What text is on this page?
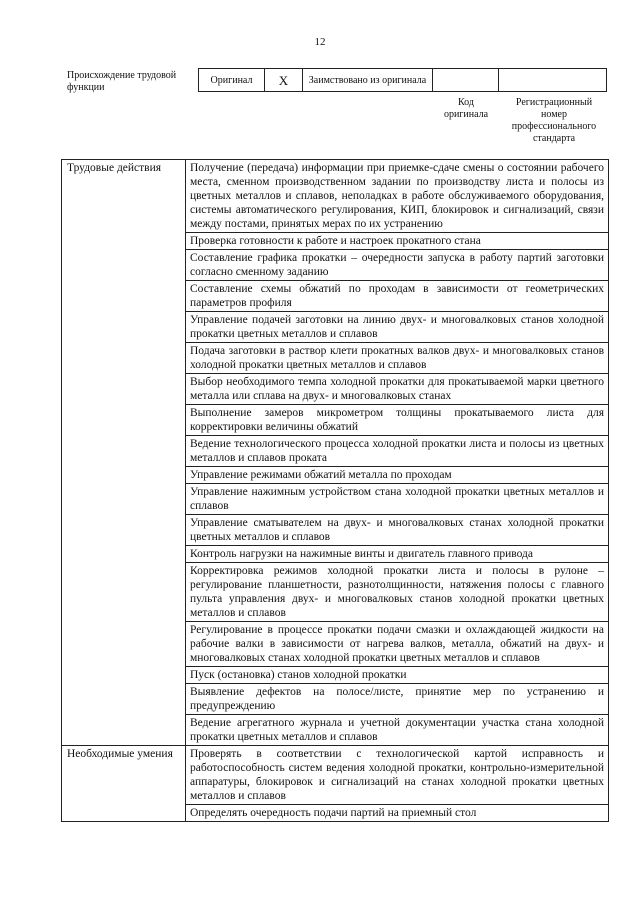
12
Происхождение трудовой функции
Оригинал	X	Заимствовано из оригинала		
Код оригинала
Регистрационный номер профессионального стандарта
Трудовые действия	Получение (передача) информации при приемке-сдаче смены о состоянии рабочего места, сменном производственном задании по производству листа и полосы из цветных металлов и сплавов, неполадках в работе обслуживаемого оборудования, системы автоматического регулирования, КИП, блокировок и сигнализаций, связи между постами, принятых мерах по их устранению
	Проверка готовности к работе и настроек прокатного стана
	Составление графика прокатки – очередности запуска в работу партий заготовки согласно сменному заданию
	Составление схемы обжатий по проходам в зависимости от геометрических параметров профиля
	Управление подачей заготовки на линию двух- и многовалковых станов холодной прокатки цветных металлов и сплавов
	Подача заготовки в раствор клети прокатных валков двух- и многовалковых станов холодной прокатки цветных металлов и сплавов
	Выбор необходимого темпа холодной прокатки для прокатываемой марки цветного металла или сплава на двух- и многовалковых станах
	Выполнение замеров микрометром толщины прокатываемого листа для корректировки величины обжатий
	Ведение технологического процесса холодной прокатки листа и полосы из цветных металлов и сплавов проката
	Управление режимами обжатий металла по проходам
	Управление нажимным устройством стана холодной прокатки цветных металлов и сплавов
	Управление сматывателем на двух- и многовалковых станах холодной прокатки цветных металлов и сплавов
	Контроль нагрузки на нажимные винты и двигатель главного привода
	Корректировка режимов холодной прокатки листа и полосы в рулоне – регулирование планшетности, разнотолщинности, натяжения полосы с главного пульта управления двух- и многовалковых станов холодной прокатки цветных металлов и сплавов
	Регулирование в процессе прокатки подачи смазки и охлаждающей жидкости на рабочие валки в зависимости от нагрева валков, металла, обжатий на двух- и многовалковых станах холодной прокатки цветных металлов и сплавов
	Пуск (остановка) станов холодной прокатки
	Выявление дефектов на полосе/листе, принятие мер по устранению и предупреждению
	Ведение агрегатного журнала и учетной документации участка стана холодной прокатки цветных металлов и сплавов
Необходимые умения	Проверять в соответствии с технологической картой исправность и работоспособность систем ведения холодной прокатки, контрольно-измерительной аппаратуры, блокировок и сигнализаций на станах холодной прокатки цветных металлов и сплавов
	Определять очередность подачи партий на приемный стол
